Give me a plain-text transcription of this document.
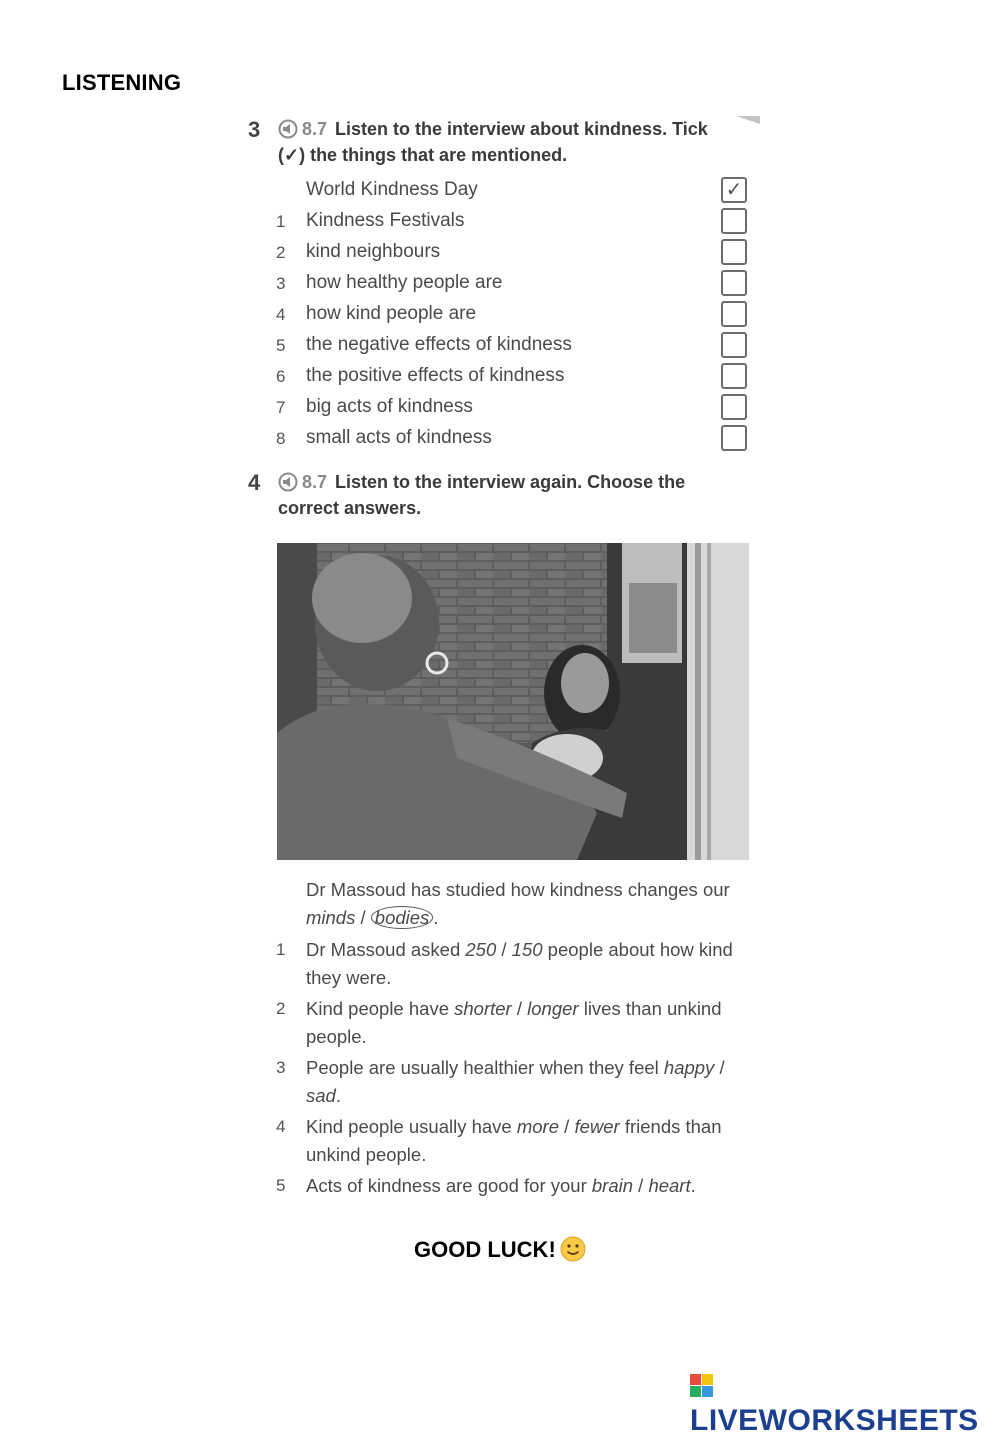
LISTENING
3	8.7 Listen to the interview about kindness. Tick (✓) the things that are mentioned.
World Kindness Day	✓
1	Kindness Festivals
2	kind neighbours
3	how healthy people are
4	how kind people are
5	the negative effects of kindness
6	the positive effects of kindness
7	big acts of kindness
8	small acts of kindness
4	8.7 Listen to the interview again. Choose the correct answers.
Dr Massoud has studied how kindness changes our minds / bodies .
1 Dr Massoud asked 250 / 150 people about how kind they were.
2 Kind people have shorter / longer lives than unkind people.
3 People are usually healthier when they feel happy / sad.
4 Kind people usually have more / fewer friends than unkind people.
5 Acts of kindness are good for your brain / heart.
GOOD LUCK!
LIVEWORKSHEETS
